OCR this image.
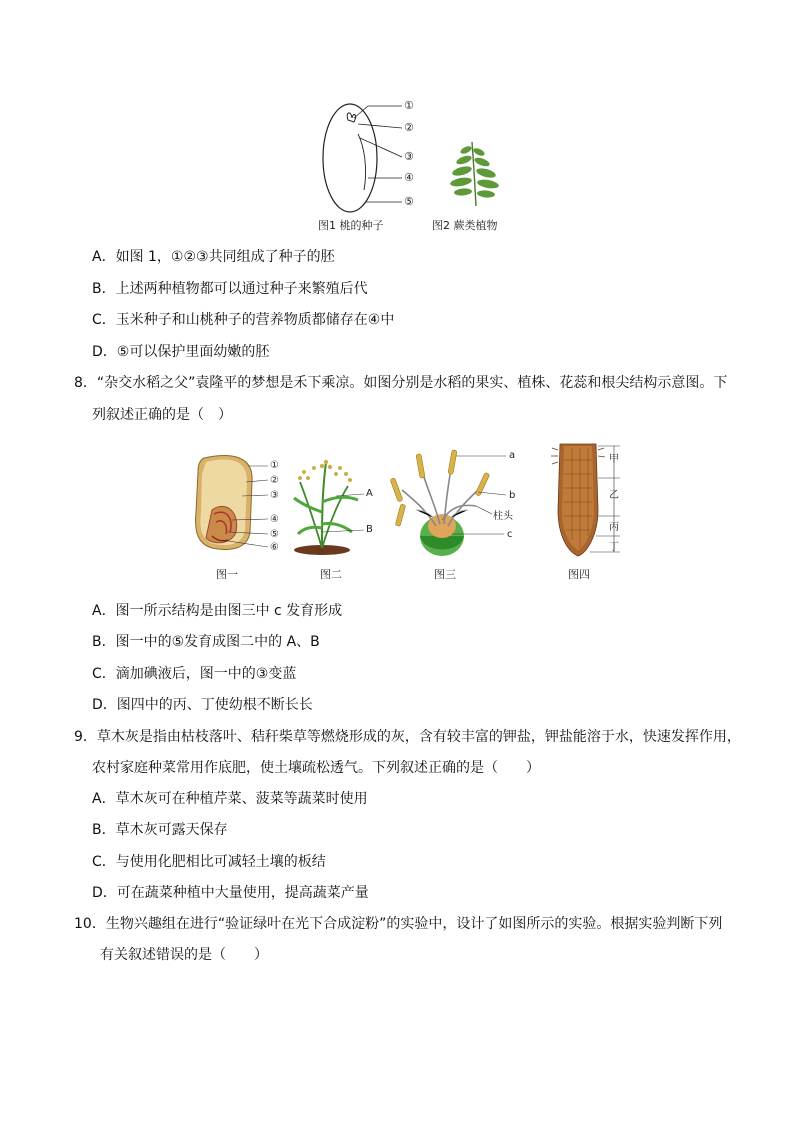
①
②
③
④
⑤
图1 桃的种子	图2 蕨类植物
A．如图 1，①②③共同组成了种子的胚
B．上述两种植物都可以通过种子来繁殖后代
C．玉米种子和山桃种子的营养物质都储存在④中
D．⑤可以保护里面幼嫩的胚
8．“杂交水稻之父”袁隆平的梦想是禾下乘凉。如图分别是水稻的果实、植株、花蕊和根尖结构示意图。下
列叙述正确的是（　）
①
②
③
④
⑤
⑥
A
B
a
b
柱头
c
甲
乙
丙
丁
图一	图二	图三	图四
A．图一所示结构是由图三中 c 发育形成
B．图一中的⑤发育成图二中的 A、B
C．滴加碘液后，图一中的③变蓝
D．图四中的丙、丁使幼根不断长长
9．草木灰是指由枯枝落叶、秸秆柴草等燃烧形成的灰，含有较丰富的钾盐，钾盐能溶于水，快速发挥作用，
农村家庭种菜常用作底肥，使土壤疏松透气。下列叙述正确的是（　　）
A．草木灰可在种植芹菜、菠菜等蔬菜时使用
B．草木灰可露天保存
C．与使用化肥相比可减轻土壤的板结
D．可在蔬菜种植中大量使用，提高蔬菜产量
10．生物兴趣组在进行“验证绿叶在光下合成淀粉”的实验中，设计了如图所示的实验。根据实验判断下列
有关叙述错误的是（　　）
